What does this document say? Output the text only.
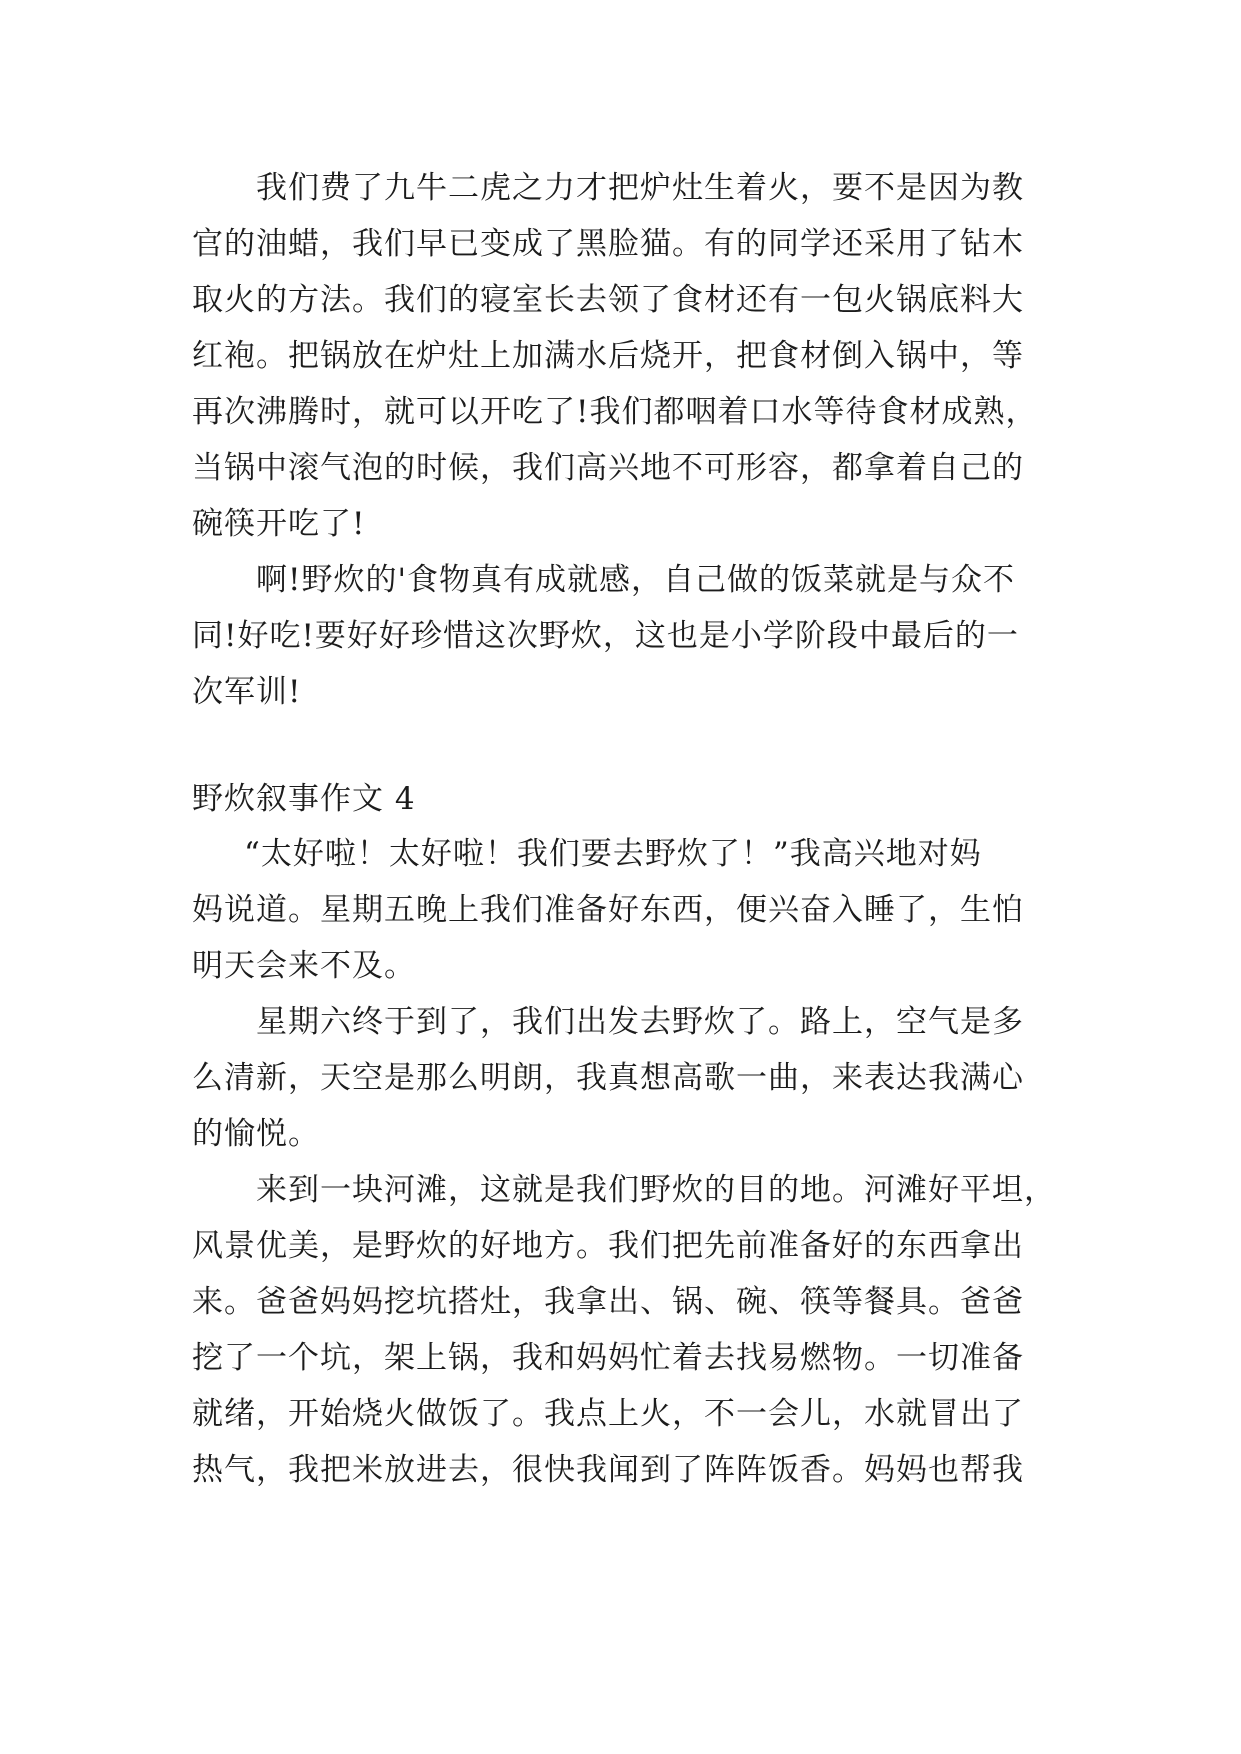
我们费了九牛二虎之力才把炉灶生着火，要不是因为教
官的油蜡，我们早已变成了黑脸猫。有的同学还采用了钻木
取火的方法。我们的寝室长去领了食材还有一包火锅底料大
红袍。把锅放在炉灶上加满水后烧开，把食材倒入锅中，等
再次沸腾时，就可以开吃了!我们都咽着口水等待食材成熟，
当锅中滚气泡的时候，我们高兴地不可形容，都拿着自己的
碗筷开吃了!
啊!野炊的'食物真有成就感，自己做的饭菜就是与众不
同!好吃!要好好珍惜这次野炊，这也是小学阶段中最后的一
次军训!
野炊叙事作文 4
“太好啦！太好啦！我们要去野炊了！”我高兴地对妈
妈说道。星期五晚上我们准备好东西，便兴奋入睡了，生怕
明天会来不及。
星期六终于到了，我们出发去野炊了。路上，空气是多
么清新，天空是那么明朗，我真想高歌一曲，来表达我满心
的愉悦。
来到一块河滩，这就是我们野炊的目的地。河滩好平坦，
风景优美，是野炊的好地方。我们把先前准备好的东西拿出
来。爸爸妈妈挖坑搭灶，我拿出、锅、碗、筷等餐具。爸爸
挖了一个坑，架上锅，我和妈妈忙着去找易燃物。一切准备
就绪，开始烧火做饭了。我点上火，不一会儿，水就冒出了
热气，我把米放进去，很快我闻到了阵阵饭香。妈妈也帮我
